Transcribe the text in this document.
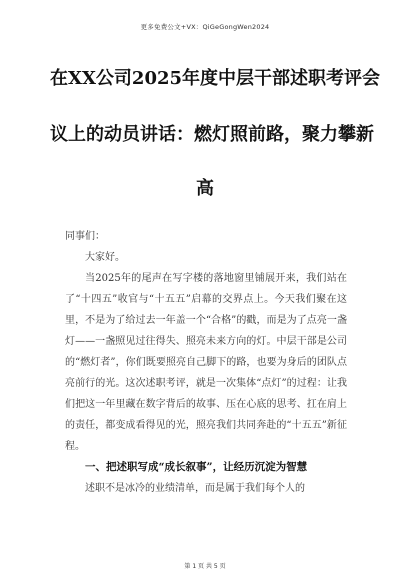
更多免费公文+VX：QiGeGongWen2024
在XX公司2025年度中层干部述职考评会
议上的动员讲话：燃灯照前路，聚力攀新
高

同事们：

大家好。

当2025年的尾声在写字楼的落地窗里铺展开来，我们站在了“十四五”收官与“十五五”启幕的交界点上。今天我们聚在这里，不是为了给过去一年盖一个“合格”的戳，而是为了点亮一盏灯——一盏照见过往得失、照亮未来方向的灯。中层干部是公司的“燃灯者”，你们既要照亮自己脚下的路，也要为身后的团队点亮前行的光。这次述职考评，就是一次集体“点灯”的过程：让我们把这一年里藏在数字背后的故事、压在心底的思考、扛在肩上的责任，都变成看得见的光，照亮我们共同奔赴的“十五五”新征程。

一、把述职写成“成长叙事”，让经历沉淀为智慧

述职不是冰冷的业绩清单，而是属于我们每个人的

第 1 页 共 5 页
